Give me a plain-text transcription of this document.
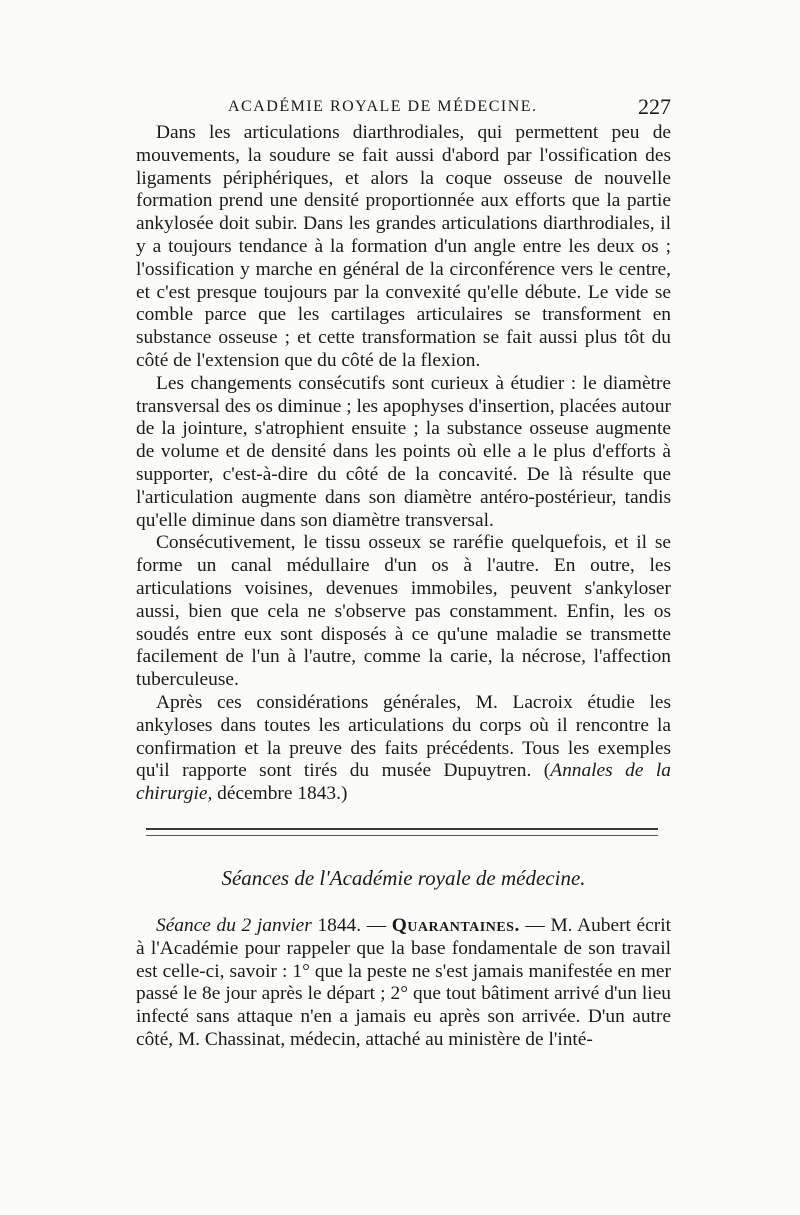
ACADÉMIE ROYALE DE MÉDECINE.	227

Dans les articulations diarthrodiales, qui permettent peu de mouvements, la soudure se fait aussi d'abord par l'ossification des ligaments périphériques, et alors la coque osseuse de nouvelle formation prend une densité proportionnée aux efforts que la partie ankylosée doit subir. Dans les grandes articulations diarthrodiales, il y a toujours tendance à la formation d'un angle entre les deux os ; l'ossification y marche en général de la circonférence vers le centre, et c'est presque toujours par la convexité qu'elle débute. Le vide se comble parce que les cartilages articulaires se transforment en substance osseuse ; et cette transformation se fait aussi plus tôt du côté de l'extension que du côté de la flexion.

Les changements consécutifs sont curieux à étudier : le diamètre transversal des os diminue ; les apophyses d'insertion, placées autour de la jointure, s'atrophient ensuite ; la substance osseuse augmente de volume et de densité dans les points où elle a le plus d'efforts à supporter, c'est-à-dire du côté de la concavité. De là résulte que l'articulation augmente dans son diamètre antéro-postérieur, tandis qu'elle diminue dans son diamètre transversal.

Consécutivement, le tissu osseux se raréfie quelquefois, et il se forme un canal médullaire d'un os à l'autre. En outre, les articulations voisines, devenues immobiles, peuvent s'ankyloser aussi, bien que cela ne s'observe pas constamment. Enfin, les os soudés entre eux sont disposés à ce qu'une maladie se transmette facilement de l'un à l'autre, comme la carie, la nécrose, l'affection tuberculeuse.

Après ces considérations générales, M. Lacroix étudie les ankyloses dans toutes les articulations du corps où il rencontre la confirmation et la preuve des faits précédents. Tous les exemples qu'il rapporte sont tirés du musée Dupuytren. (Annales de la chirurgie, décembre 1843.)

Séances de l'Académie royale de médecine.

Séance du 2 janvier 1844. — Quarantaines. — M. Aubert écrit à l'Académie pour rappeler que la base fondamentale de son travail est celle-ci, savoir : 1° que la peste ne s'est jamais manifestée en mer passé le 8e jour après le départ ; 2° que tout bâtiment arrivé d'un lieu infecté sans attaque n'en a jamais eu après son arrivée. D'un autre côté, M. Chassinat, médecin, attaché au ministère de l'inté-
